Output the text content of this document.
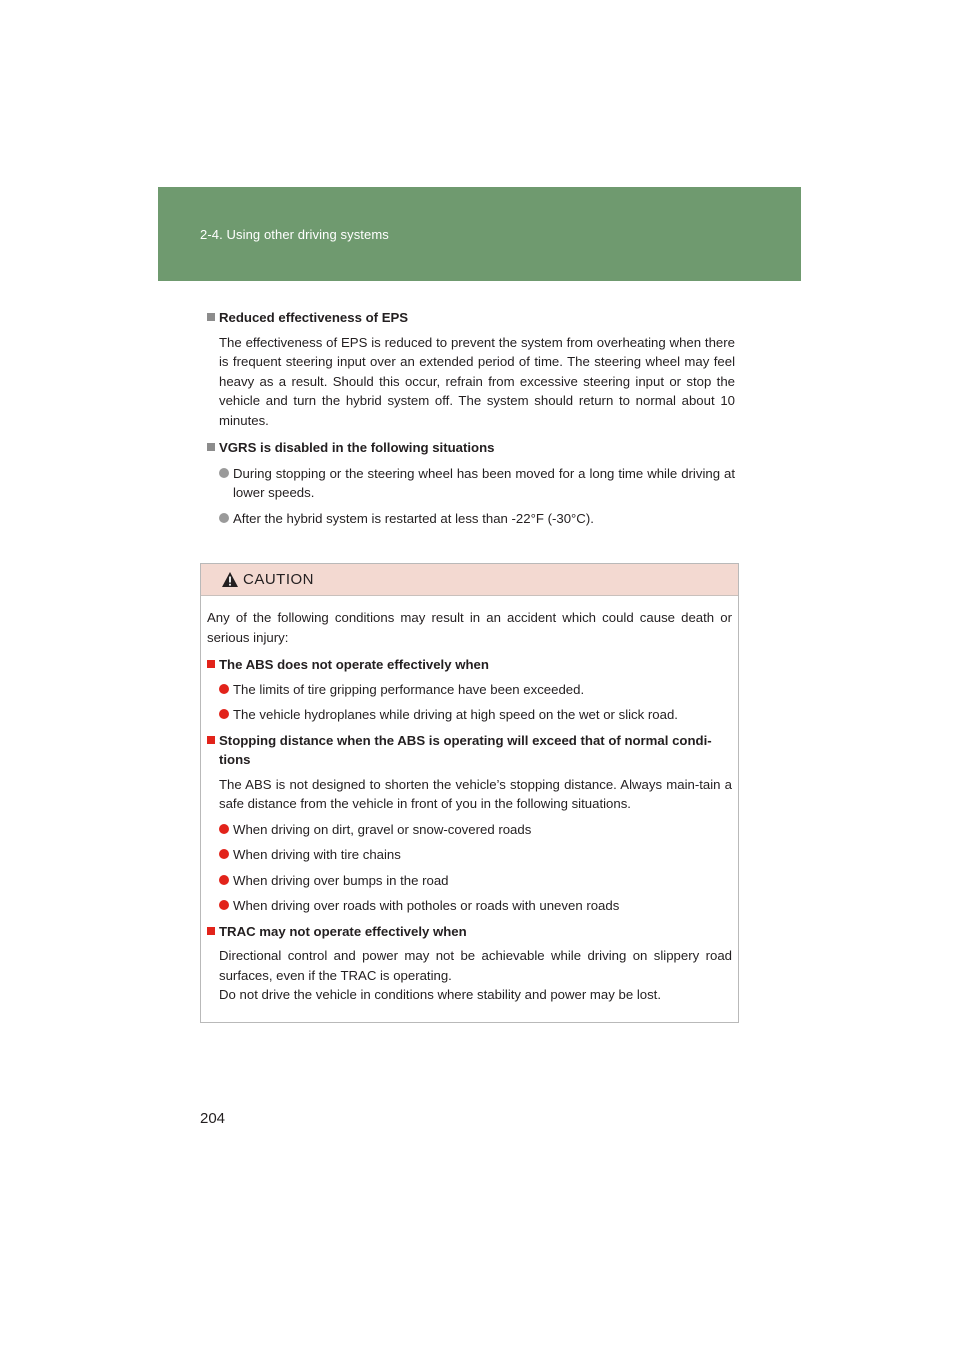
2-4. Using other driving systems
Reduced effectiveness of EPS

The effectiveness of EPS is reduced to prevent the system from overheating when there is frequent steering input over an extended period of time. The steering wheel may feel heavy as a result. Should this occur, refrain from excessive steering input or stop the vehicle and turn the hybrid system off. The system should return to normal about 10 minutes.

VGRS is disabled in the following situations
During stopping or the steering wheel has been moved for a long time while driving at lower speeds.
After the hybrid system is restarted at less than -22°F (-30°C).
CAUTION

Any of the following conditions may result in an accident which could cause death or serious injury:

The ABS does not operate effectively when
The limits of tire gripping performance have been exceeded.
The vehicle hydroplanes while driving at high speed on the wet or slick road.
Stopping distance when the ABS is operating will exceed that of normal condi-tions

The ABS is not designed to shorten the vehicle’s stopping distance. Always main-tain a safe distance from the vehicle in front of you in the following situations.

When driving on dirt, gravel or snow-covered roads
When driving with tire chains
When driving over bumps in the road
When driving over roads with potholes or roads with uneven roads
TRAC may not operate effectively when

Directional control and power may not be achievable while driving on slippery road surfaces, even if the TRAC is operating.
Do not drive the vehicle in conditions where stability and power may be lost.

204
